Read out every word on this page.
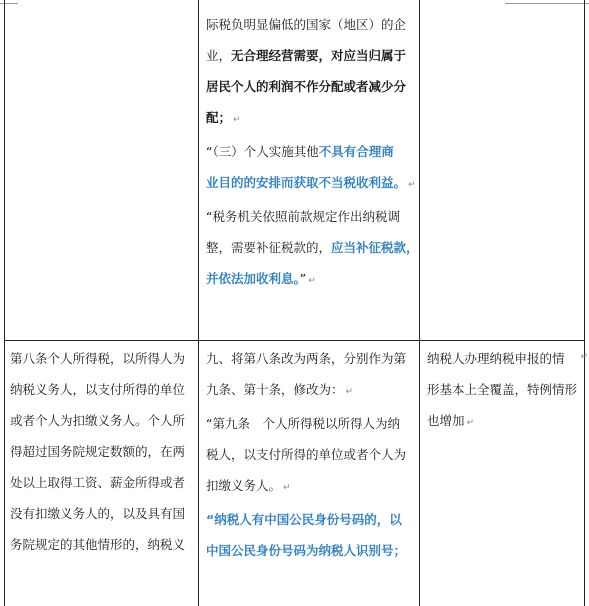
际税负明显偏低的国家（地区）的企

业，无合理经营需要，对应当归属于

居民个人的利润不作分配或者减少分

配； ↵

“（三）个人实施其他不具有合理商

业目的的安排而获取不当税收利益。 ↵

“税务机关依照前款规定作出纳税调

整，需要补征税款的，应当补征税款，

并依法加收利息。” ↵

第八条个人所得税，以所得人为

纳税义务人，以支付所得的单位

或者个人为扣缴义务人。个人所

得超过国务院规定数额的，在两

处以上取得工资、薪金所得或者

没有扣缴义务人的，以及具有国

务院规定的其他情形的，纳税义

九、将第八条改为两条，分别作为第

九条、第十条，修改为： ↵

“第九条　个人所得税以所得人为纳

税人，以支付所得的单位或者个人为

扣缴义务人。 ↵

“纳税人有中国公民身份号码的，以

中国公民身份号码为纳税人识别号；

纳税人办理纳税申报的情

形基本上全覆盖，特例情形

也增加 ↵

↵
